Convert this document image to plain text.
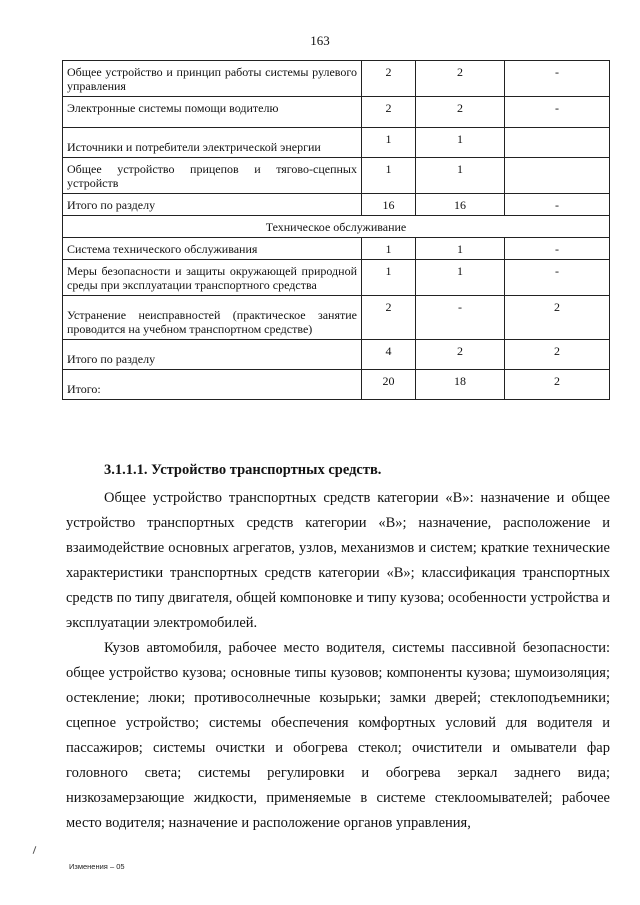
163
Общее устройство и принцип работы системы рулевого управления	2	2	-
Электронные системы помощи водителю	2	2	-
Источники и потребители электрической энергии	1	1	
Общее устройство прицепов и тягово-сцепных устройств	1	1	
Итого по разделу	16	16	-
Техническое обслуживание			
Система технического обслуживания	1	1	-
Меры безопасности и защиты окружающей природной среды при эксплуатации транспортного средства	1	1	-
Устранение неисправностей (практическое занятие проводится на учебном транспортном средстве)	2	-	2
Итого по разделу	4	2	2
Итого:	20	18	2
3.1.1.1. Устройство транспортных средств.

Общее устройство транспортных средств категории «В»: назначение и общее устройство транспортных средств категории «В»; назначение, расположение и взаимодействие основных агрегатов, узлов, механизмов и систем; краткие технические характеристики транспортных средств категории «В»; классификация транспортных средств по типу двигателя, общей компоновке и типу кузова; особенности устройства и эксплуатации электромобилей.

Кузов автомобиля, рабочее место водителя, системы пассивной безопасности: общее устройство кузова; основные типы кузовов; компоненты кузова; шумоизоляция; остекление; люки; противосолнечные козырьки; замки дверей; стеклоподъемники; сцепное устройство; системы обеспечения комфортных условий для водителя и пассажиров; системы очистки и обогрева стекол; очистители и омыватели фар головного света; системы регулировки и обогрева зеркал заднего вида; низкозамерзающие жидкости, применяемые в системе стеклоомывателей; рабочее место водителя; назначение и расположение органов управления,

Изменения – 05
